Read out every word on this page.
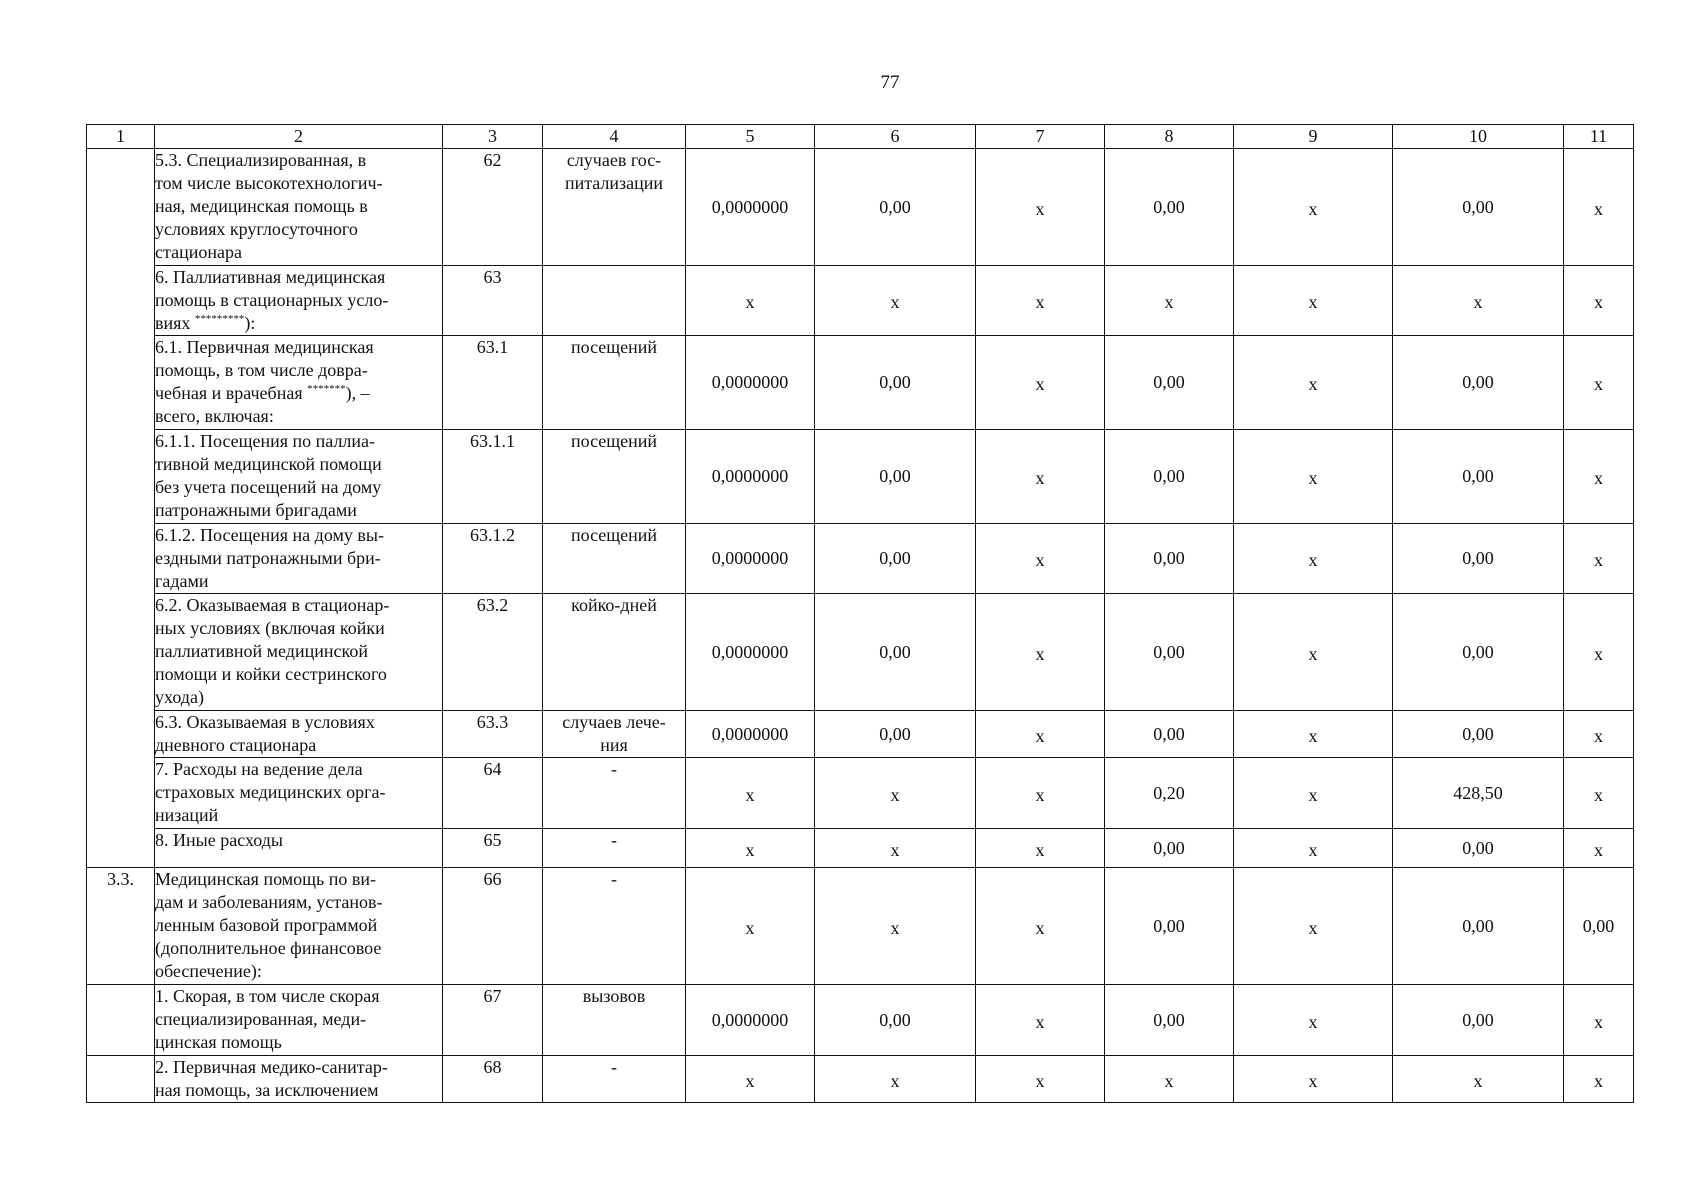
77
1	2	3	4	5	6	7	8	9	10	11
	5.3. Специализированная, в
том числе высокотехнологич-
ная, медицинская помощь в
условиях круглосуточного
стационара	62	случаев гос-
питализации	0,0000000	0,00	х	0,00	х	0,00	х
	6. Паллиативная медицинская
помощь в стационарных усло-
виях *********):	63		х	х	х	х	х	х	х
	6.1. Первичная медицинская
помощь, в том числе довра-
чебная и врачебная *******), –
всего, включая:	63.1	посещений	0,0000000	0,00	х	0,00	х	0,00	х
	6.1.1. Посещения по паллиа-
тивной медицинской помощи
без учета посещений на дому
патронажными бригадами	63.1.1	посещений	0,0000000	0,00	х	0,00	х	0,00	х
	6.1.2. Посещения на дому вы-
ездными патронажными бри-
гадами	63.1.2	посещений	0,0000000	0,00	х	0,00	х	0,00	х
	6.2. Оказываемая в стационар-
ных условиях (включая койки
паллиативной медицинской
помощи и койки сестринского
ухода)	63.2	койко-дней	0,0000000	0,00	х	0,00	х	0,00	х
	6.3. Оказываемая в условиях
дневного стационара	63.3	случаев лече-
ния	0,0000000	0,00	х	0,00	х	0,00	х
	7. Расходы на ведение дела
страховых медицинских орга-
низаций	64	-	х	х	х	0,20	х	428,50	х
	8. Иные расходы	65	-	х	х	х	0,00	х	0,00	х
3.3.	Медицинская помощь по ви-
дам и заболеваниям, установ-
ленным базовой программой
(дополнительное финансовое
обеспечение):	66	-	х	х	х	0,00	х	0,00	0,00
	1. Скорая, в том числе скорая
специализированная, меди-
цинская помощь	67	вызовов	0,0000000	0,00	х	0,00	х	0,00	х
	2. Первичная медико-санитар-
ная помощь, за исключением	68	-	х	х	х	х	х	х	х
